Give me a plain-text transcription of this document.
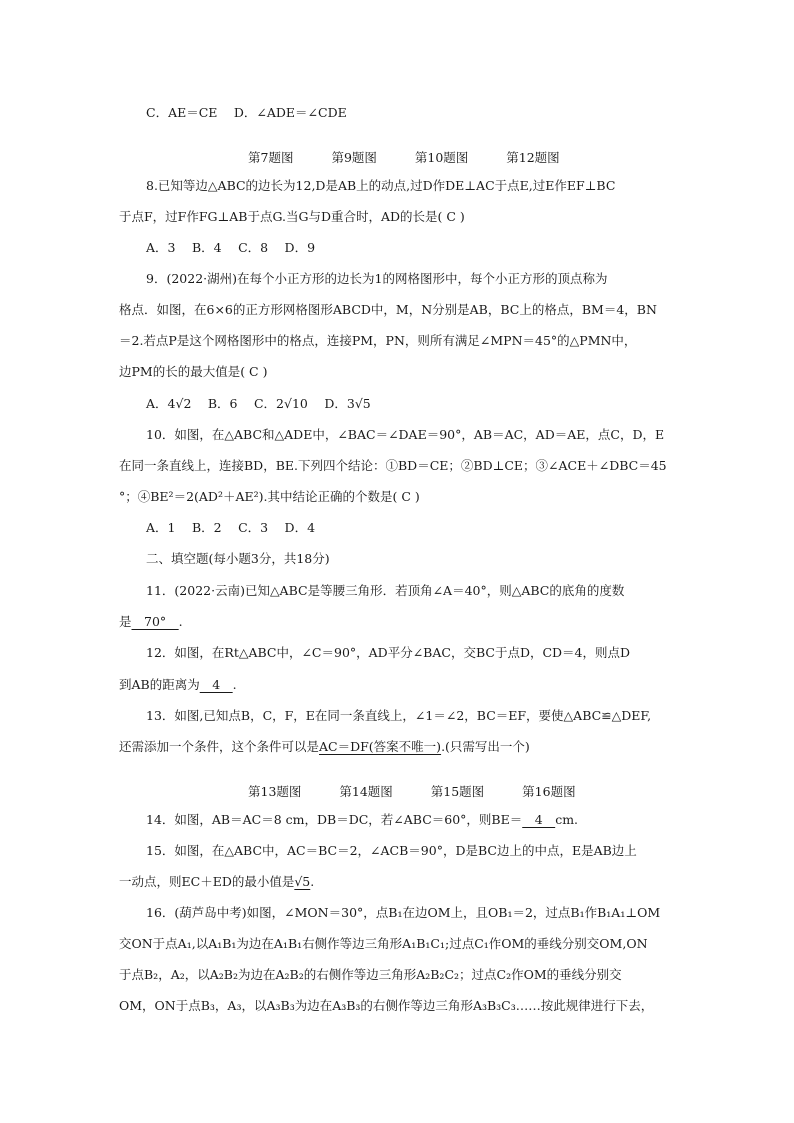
C．AE＝CE　 D．∠ADE＝∠CDE
第7题图	第9题图	第10题图	第12题图
8.已知等边△ABC的边长为12,D是AB上的动点,过D作DE⊥AC于点E,过E作EF⊥BC
于点F，过F作FG⊥AB于点G.当G与D重合时，AD的长是( C )
A．3　 B．4　 C．8　 D．9
9．(2022·湖州)在每个小正方形的边长为1的网格图形中，每个小正方形的顶点称为
格点．如图，在6×6的正方形网格图形ABCD中，M，N分别是AB，BC上的格点，BM＝4，BN
＝2.若点P是这个网格图形中的格点，连接PM，PN，则所有满足∠MPN＝45°的△PMN中，
边PM的长的最大值是( C )
A．4√2　 B．6　 C．2√10　 D．3√5
10．如图，在△ABC和△ADE中，∠BAC＝∠DAE＝90°，AB＝AC，AD＝AE，点C，D，E
在同一条直线上，连接BD，BE.下列四个结论：①BD＝CE；②BD⊥CE；③∠ACE＋∠DBC＝45
°；④BE²＝2(AD²＋AE²).其中结论正确的个数是( C )
A．1　 B．2　 C．3　 D．4
二、填空题(每小题3分，共18分)
11．(2022·云南)已知△ABC是等腰三角形．若顶角∠A＝40°，则△ABC的底角的度数
是　70°　.
12．如图，在Rt△ABC中，∠C＝90°，AD平分∠BAC，交BC于点D，CD＝4，则点D
到AB的距离为　4　.
13．如图,已知点B，C，F，E在同一条直线上，∠1＝∠2，BC＝EF，要使△ABC≌△DEF,
还需添加一个条件，这个条件可以是AC＝DF(答案不唯一).(只需写出一个)
第13题图	第14题图	第15题图	第16题图
14．如图，AB＝AC＝8 cm，DB＝DC，若∠ABC＝60°，则BE＝　4　cm.
15．如图，在△ABC中，AC＝BC＝2，∠ACB＝90°，D是BC边上的中点，E是AB边上
一动点，则EC＋ED的最小值是√5.
16．(葫芦岛中考)如图，∠MON＝30°，点B₁在边OM上，且OB₁＝2，过点B₁作B₁A₁⊥OM
交ON于点A₁,以A₁B₁为边在A₁B₁右侧作等边三角形A₁B₁C₁;过点C₁作OM的垂线分别交OM,ON
于点B₂，A₂，以A₂B₂为边在A₂B₂的右侧作等边三角形A₂B₂C₂；过点C₂作OM的垂线分别交
OM，ON于点B₃，A₃，以A₃B₃为边在A₃B₃的右侧作等边三角形A₃B₃C₃……按此规律进行下去，
